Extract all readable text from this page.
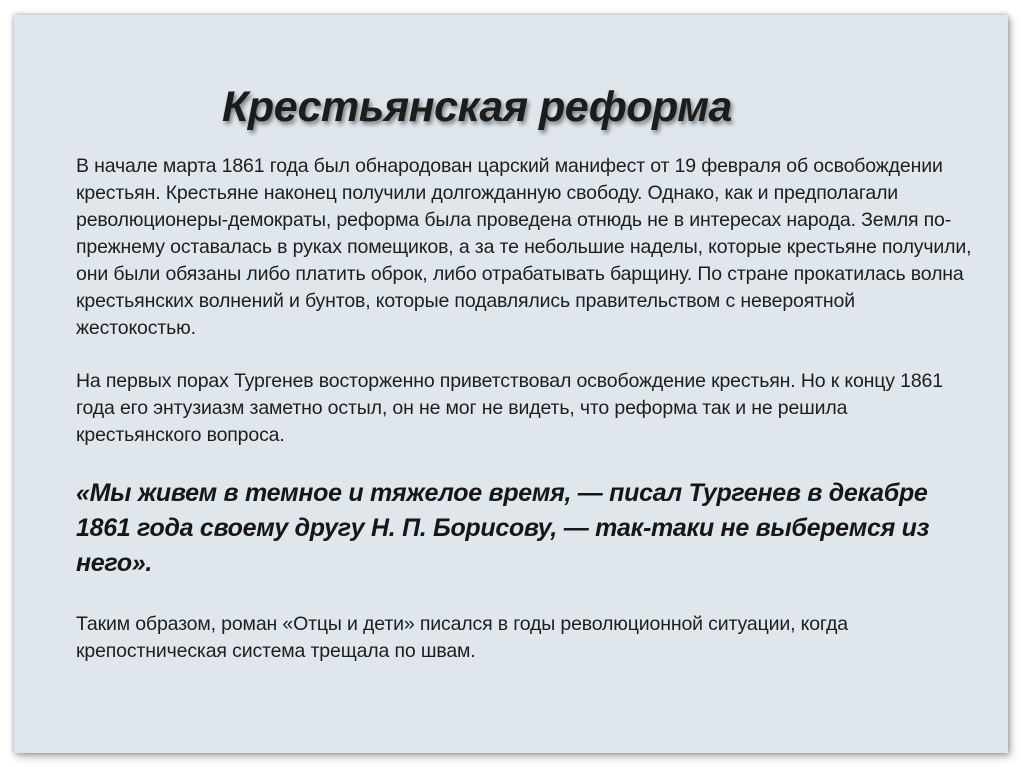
Крестьянская реформа

В начале марта 1861 года был обнародован царский манифест от 19 февраля об освобождении крестьян. Крестьяне наконец получили долгожданную свободу. Однако, как и предполагали революционеры-демократы, реформа была проведена отнюдь не в интересах народа. Земля по-прежнему оставалась в руках помещиков, а за те небольшие наделы, которые крестьяне получили, они были обязаны либо платить оброк, либо отрабатывать барщину. По стране прокатилась волна крестьянских волнений и бунтов, которые подавлялись правительством с невероятной жестокостью.

На первых порах Тургенев восторженно приветствовал освобождение крестьян. Но к концу 1861 года его энтузиазм заметно остыл, он не мог не видеть, что реформа так и не решила крестьянского вопроса.

«Мы живем в темное и тяжелое время, — писал Тургенев в декабре 1861 года своему другу Н. П. Борисову, — так-таки не выберемся из него».

Таким образом, роман «Отцы и дети» писался в годы революционной ситуации, когда крепостническая система трещала по швам.
